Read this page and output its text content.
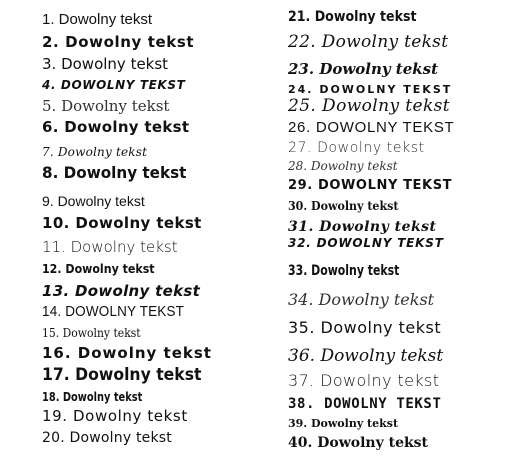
1. Dowolny tekst
2. Dowolny tekst
3. Dowolny tekst
4. DOWOLNY TEKST
5. Dowolny tekst
6. Dowolny tekst
7. Dowolny tekst
8. Dowolny tekst
9. Dowolny tekst
10. Dowolny tekst
11. Dowolny tekst
12. Dowolny tekst
13. Dowolny tekst
14. DOWOLNY TEKST
15. Dowolny tekst
16. Dowolny tekst
17. Dowolny tekst
18. Dowolny tekst
19. Dowolny tekst
20. Dowolny tekst
21. Dowolny tekst
22. Dowolny tekst
23. Dowolny tekst
24. DOWOLNY TEKST
25. Dowolny tekst
26. DOWOLNY TEKST
27. Dowolny tekst
28. Dowolny tekst
29. DOWOLNY TEKST
30. Dowolny tekst
31. Dowolny tekst
32. DOWOLNY TEKST
33. Dowolny tekst
34. Dowolny tekst
35. Dowolny tekst
36. Dowolny tekst
37. Dowolny tekst
38. DOWOLNY TEKST
39. Dowolny tekst
40. Dowolny tekst
